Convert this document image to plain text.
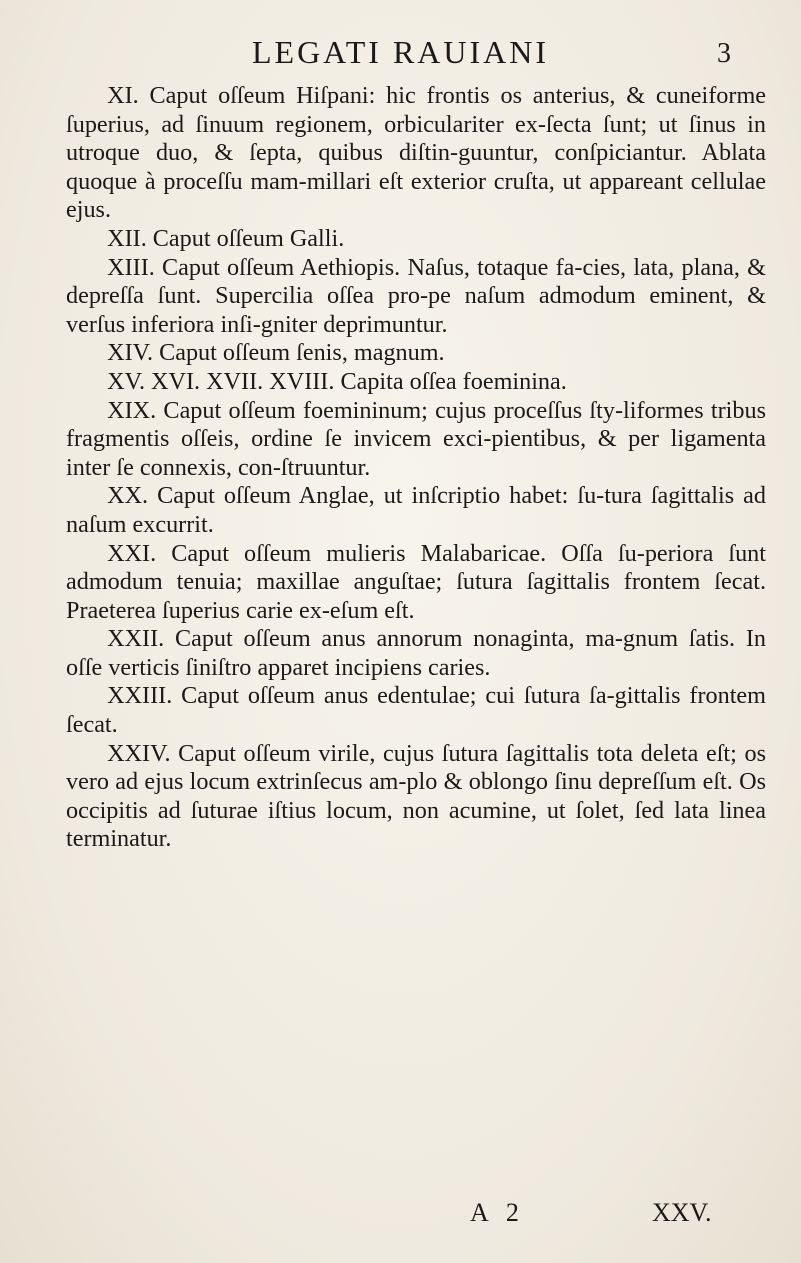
LEGATI RAUIANI	3

XI. Caput oſſeum Hiſpani: hic frontis os anterius, & cuneiforme ſuperius, ad ſinuum regionem, orbiculariter ex-ſecta ſunt; ut ſinus in utroque duo, & ſepta, quibus diſtin-guuntur, conſpiciantur. Ablata quoque à proceſſu mam-millari eſt exterior cruſta, ut appareant cellulae ejus.

XII. Caput oſſeum Galli.

XIII. Caput oſſeum Aethiopis. Naſus, totaque fa-cies, lata, plana, & depreſſa ſunt. Supercilia oſſea pro-pe naſum admodum eminent, & verſus inferiora inſi-gniter deprimuntur.

XIV. Caput oſſeum ſenis, magnum.

XV. XVI. XVII. XVIII. Capita oſſea foeminina.

XIX. Caput oſſeum foemininum; cujus proceſſus ſty-liformes tribus fragmentis oſſeis, ordine ſe invicem exci-pientibus, & per ligamenta inter ſe connexis, con-ſtruuntur.

XX. Caput oſſeum Anglae, ut inſcriptio habet: ſu-tura ſagittalis ad naſum excurrit.

XXI. Caput oſſeum mulieris Malabaricae. Oſſa ſu-periora ſunt admodum tenuia; maxillae anguſtae; ſutura ſagittalis frontem ſecat. Praeterea ſuperius carie ex-eſum eſt.

XXII. Caput oſſeum anus annorum nonaginta, ma-gnum ſatis. In oſſe verticis ſiniſtro apparet incipiens caries.

XXIII. Caput oſſeum anus edentulae; cui ſutura ſa-gittalis frontem ſecat.

XXIV. Caput oſſeum virile, cujus ſutura ſagittalis tota deleta eſt; os vero ad ejus locum extrinſecus am-plo & oblongo ſinu depreſſum eſt. Os occipitis ad ſuturae iſtius locum, non acumine, ut ſolet, ſed lata linea terminatur.

A 2	XXV.
